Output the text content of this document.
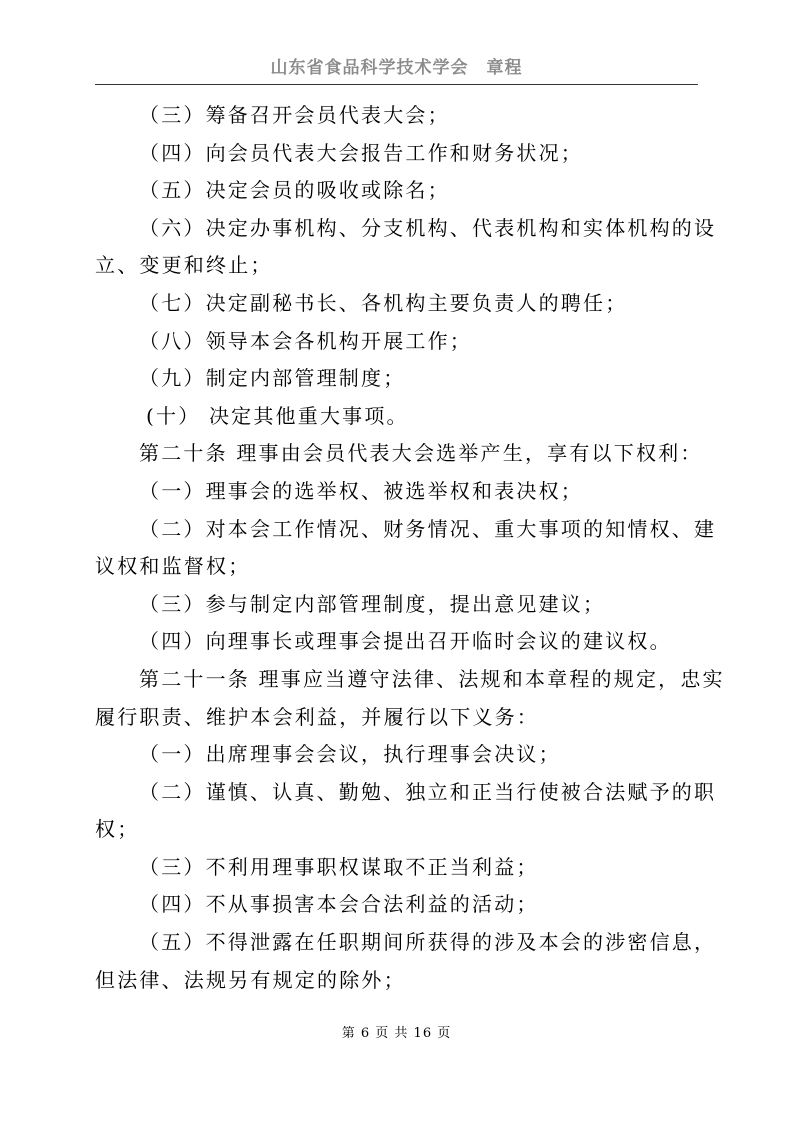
山东省食品科学技术学会 章程
（三）筹备召开会员代表大会；
（四）向会员代表大会报告工作和财务状况；
（五）决定会员的吸收或除名；
（六）决定办事机构、分支机构、代表机构和实体机构的设
立、变更和终止；
（七）决定副秘书长、各机构主要负责人的聘任；
（八）领导本会各机构开展工作；
（九）制定内部管理制度；
(十） 决定其他重大事项。
第二十条 理事由会员代表大会选举产生，享有以下权利：
（一）理事会的选举权、被选举权和表决权；
（二）对本会工作情况、财务情况、重大事项的知情权、建
议权和监督权；
（三）参与制定内部管理制度，提出意见建议；
（四）向理事长或理事会提出召开临时会议的建议权。
第二十一条 理事应当遵守法律、法规和本章程的规定，忠实
履行职责、维护本会利益，并履行以下义务：
（一）出席理事会会议，执行理事会决议；
（二）谨慎、认真、勤勉、独立和正当行使被合法赋予的职
权；
（三）不利用理事职权谋取不正当利益；
（四）不从事损害本会合法利益的活动；
（五）不得泄露在任职期间所获得的涉及本会的涉密信息，
但法律、法规另有规定的除外；
第 6 页 共 16 页
